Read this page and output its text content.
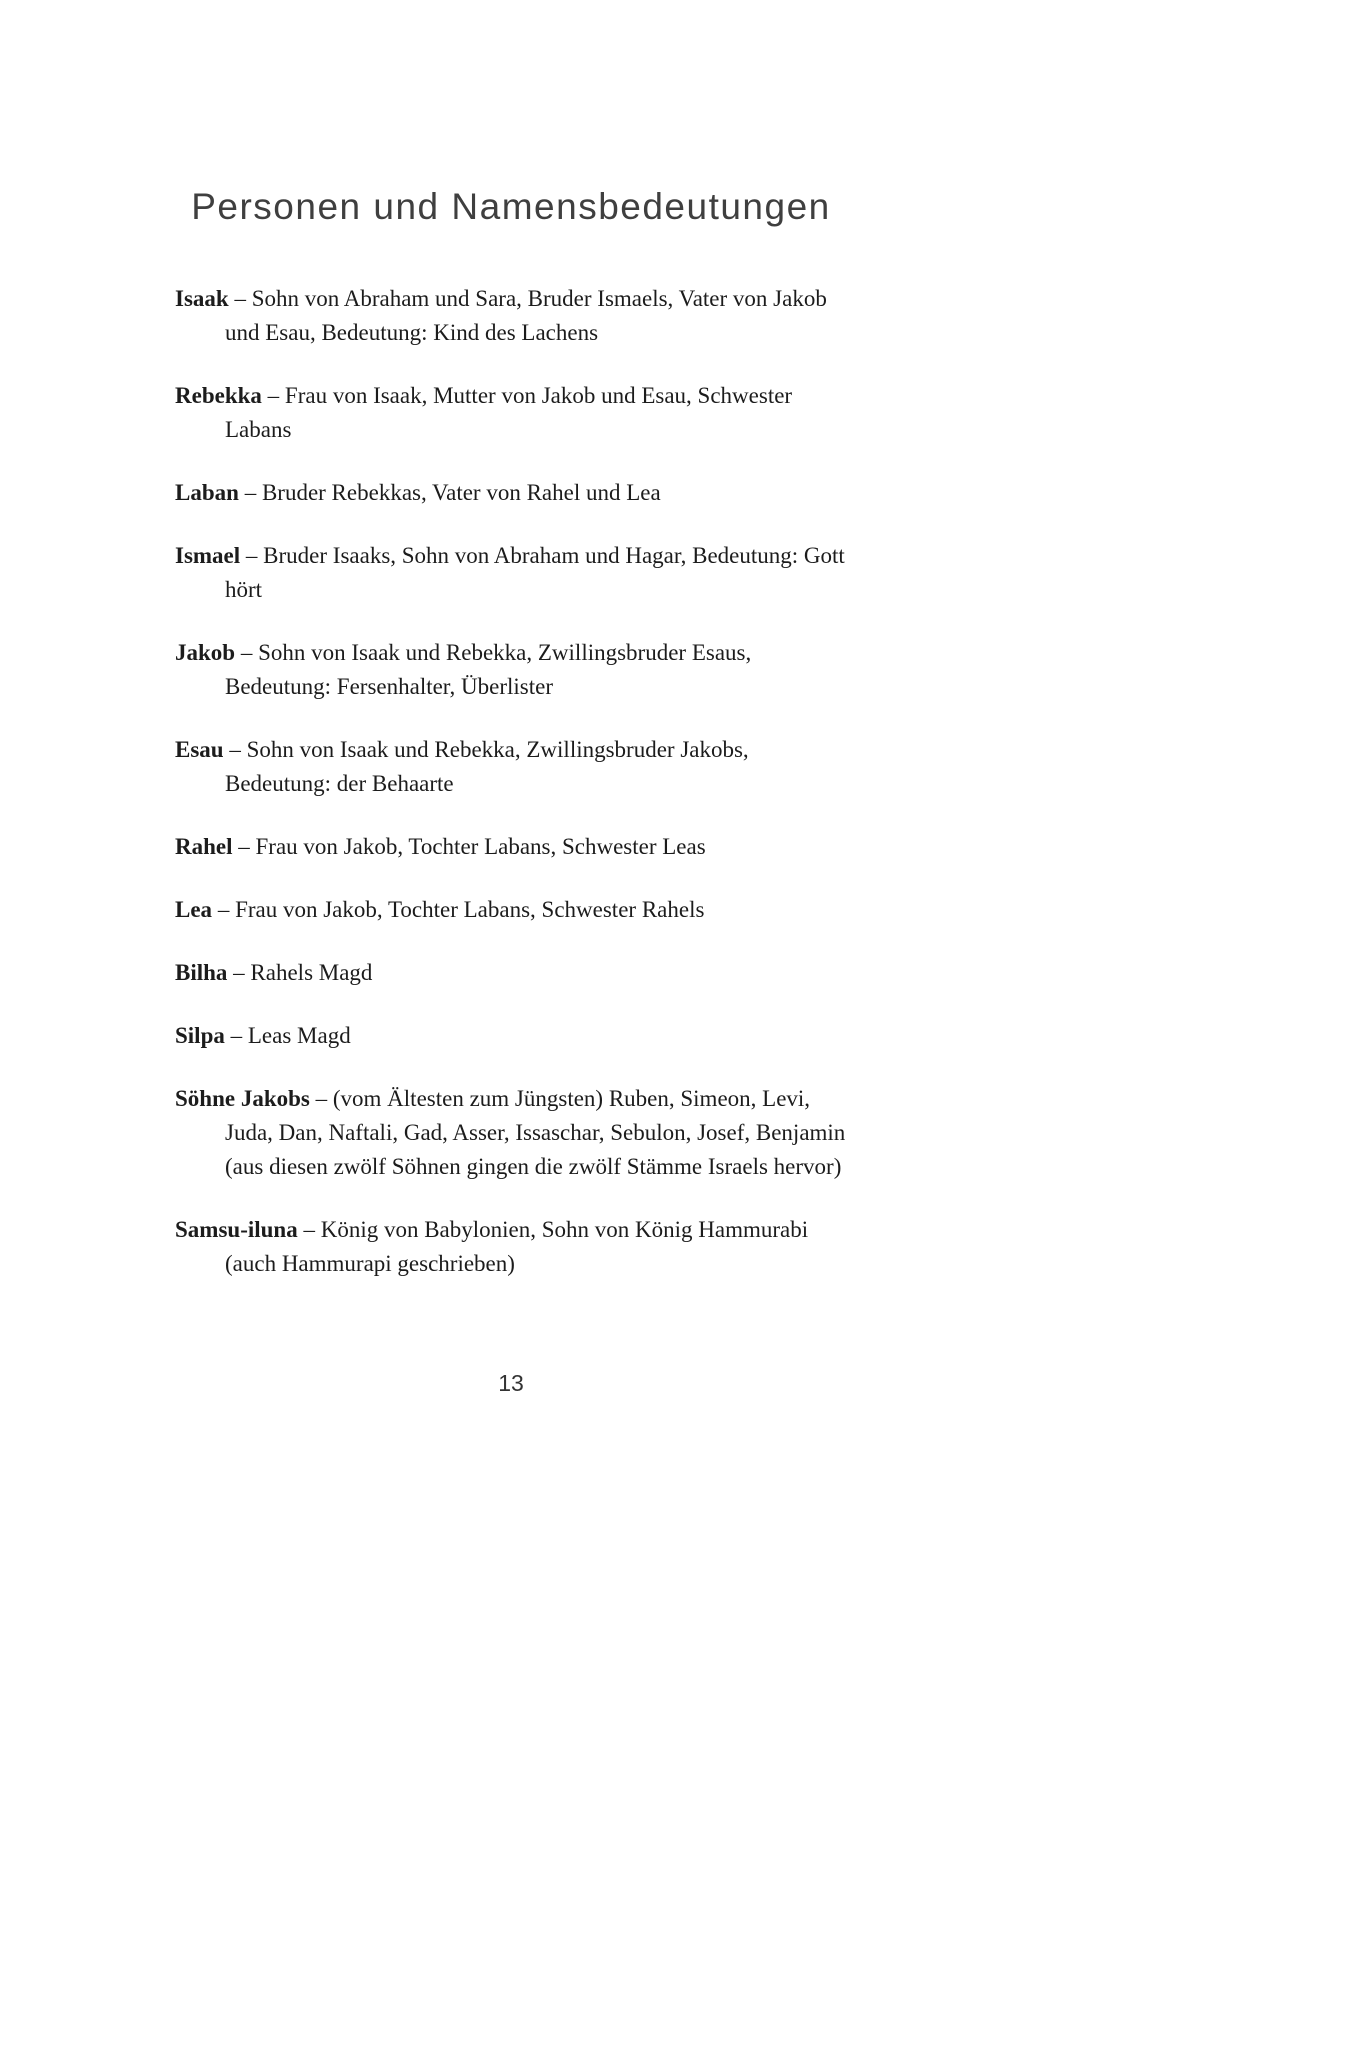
Personen und Namensbedeutungen

Isaak – Sohn von Abraham und Sara, Bruder Ismaels, Vater von Jakob und Esau, Bedeutung: Kind des Lachens

Rebekka – Frau von Isaak, Mutter von Jakob und Esau, Schwester Labans

Laban – Bruder Rebekkas, Vater von Rahel und Lea

Ismael – Bruder Isaaks, Sohn von Abraham und Hagar, Bedeutung: Gott hört

Jakob – Sohn von Isaak und Rebekka, Zwillingsbruder Esaus, Bedeutung: Fersenhalter, Überlister

Esau – Sohn von Isaak und Rebekka, Zwillingsbruder Jakobs, Bedeutung: der Behaarte

Rahel – Frau von Jakob, Tochter Labans, Schwester Leas

Lea – Frau von Jakob, Tochter Labans, Schwester Rahels

Bilha – Rahels Magd

Silpa – Leas Magd

Söhne Jakobs – (vom Ältesten zum Jüngsten) Ruben, Simeon, Levi, Juda, Dan, Naftali, Gad, Asser, Issaschar, Sebulon, Josef, Benjamin (aus diesen zwölf Söhnen gingen die zwölf Stämme Israels hervor)

Samsu-iluna – König von Babylonien, Sohn von König Hammurabi (auch Hammurapi geschrieben)

13
